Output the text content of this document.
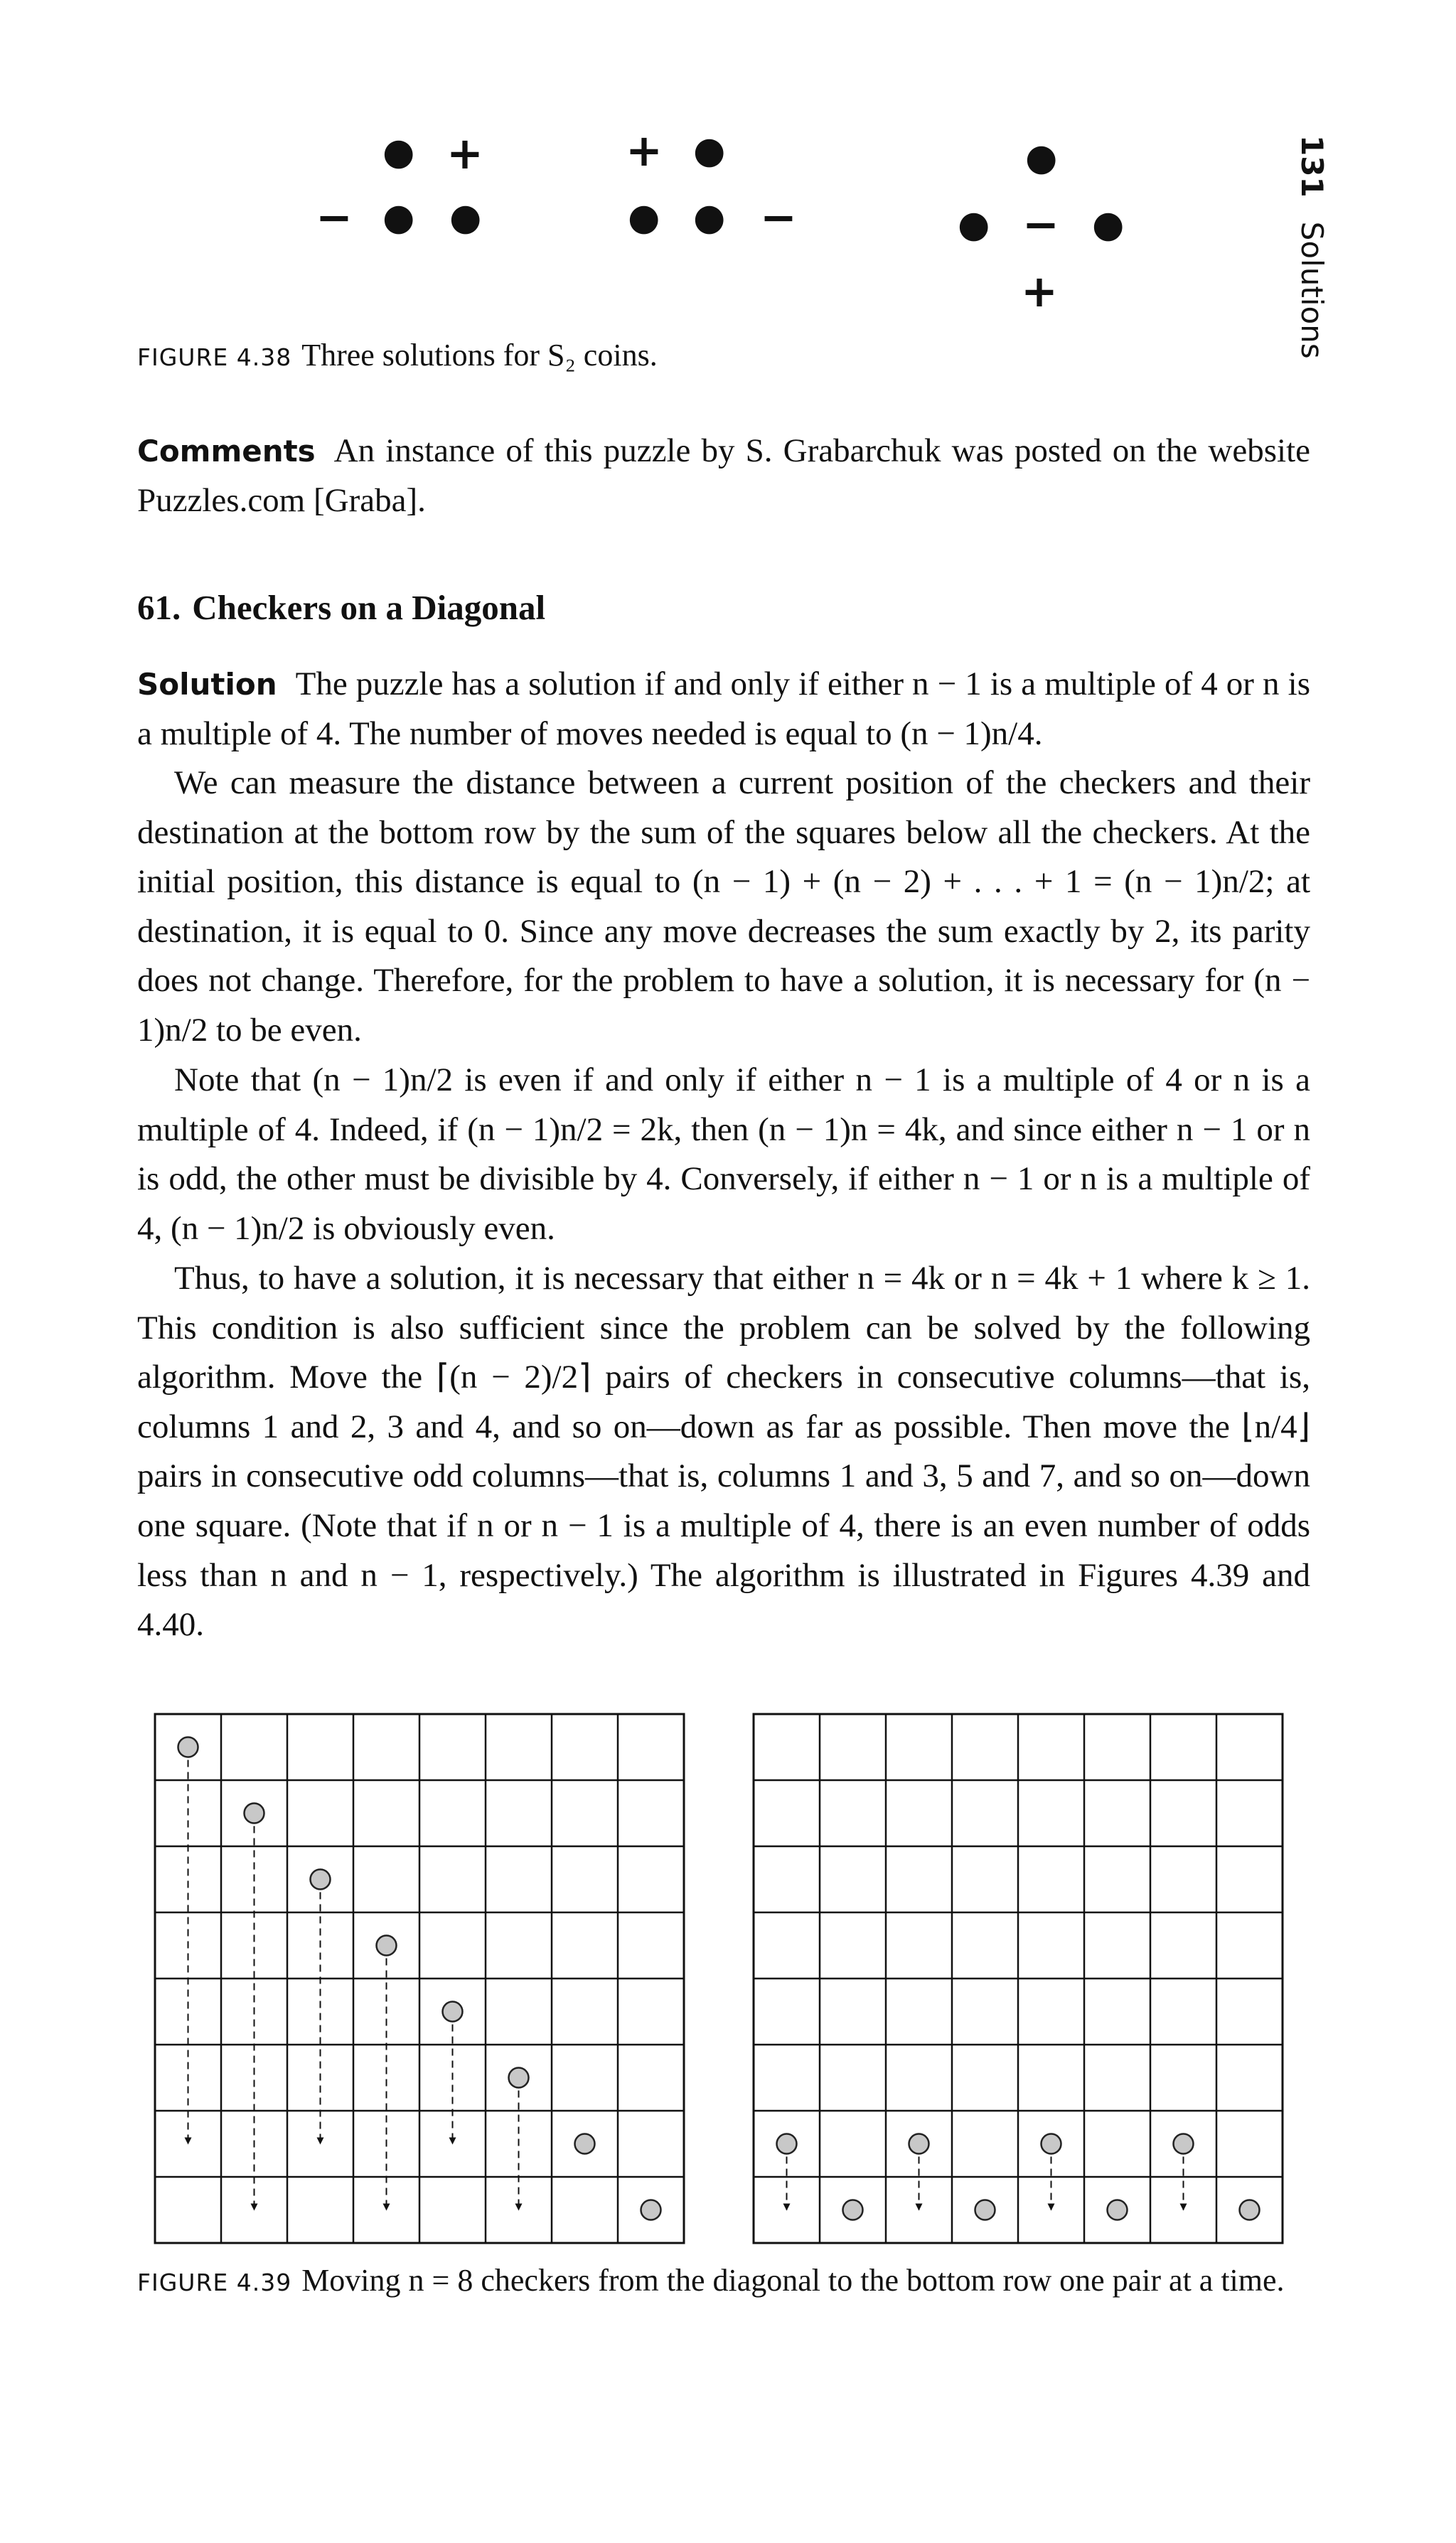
131Solutions
● +
− ● ●
+ ●
● ● −
●
● − ●
+
FIGURE 4.38 Three solutions for S₂ coins.
Comments An instance of this puzzle by S. Grabarchuk was posted on the website Puzzles.com [Graba].
61. Checkers on a Diagonal
Solution The puzzle has a solution if and only if either n − 1 is a multiple of 4 or n is a multiple of 4. The number of moves needed is equal to (n − 1)n/4.
We can measure the distance between a current position of the checkers and their destination at the bottom row by the sum of the squares below all the checkers. At the initial position, this distance is equal to (n − 1) + (n − 2) + . . . + 1 = (n − 1)n/2; at destination, it is equal to 0. Since any move decreases the sum exactly by 2, its parity does not change. Therefore, for the problem to have a solution, it is necessary for (n − 1)n/2 to be even.
Note that (n − 1)n/2 is even if and only if either n − 1 is a multiple of 4 or n is a multiple of 4. Indeed, if (n − 1)n/2 = 2k, then (n − 1)n = 4k, and since either n − 1 or n is odd, the other must be divisible by 4. Conversely, if either n − 1 or n is a multiple of 4, (n − 1)n/2 is obviously even.
Thus, to have a solution, it is necessary that either n = 4k or n = 4k + 1 where k ≥ 1. This condition is also sufficient since the problem can be solved by the following algorithm. Move the ⌈(n − 2)/2⌉ pairs of checkers in consecutive columns—that is, columns 1 and 2, 3 and 4, and so on—down as far as possible. Then move the ⌊n/4⌋ pairs in consecutive odd columns—that is, columns 1 and 3, 5 and 7, and so on—down one square. (Note that if n or n − 1 is a multiple of 4, there is an even number of odds less than n and n − 1, respectively.) The algorithm is illustrated in Figures 4.39 and 4.40.
FIGURE 4.39 Moving n = 8 checkers from the diagonal to the bottom row one pair at a time.
